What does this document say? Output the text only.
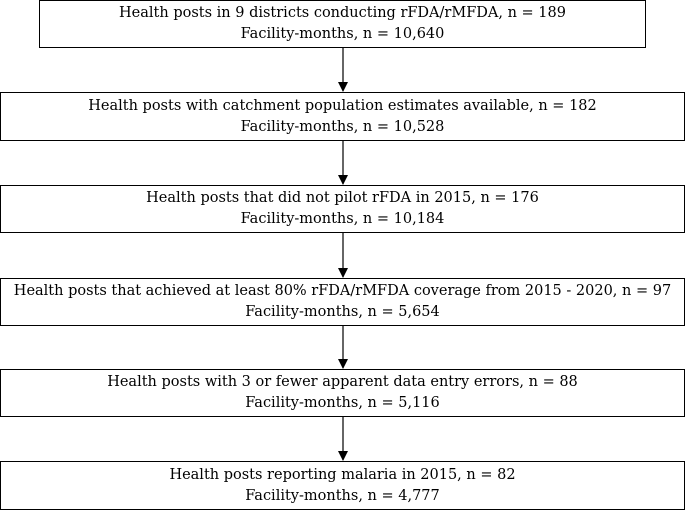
Health posts in 9 districts conducting rFDA/rMFDA, n = 189
Facility-months, n = 10,640
Health posts with catchment population estimates available, n = 182
Facility-months, n = 10,528
Health posts that did not pilot rFDA in 2015, n = 176
Facility-months, n = 10,184
Health posts that achieved at least 80% rFDA/rMFDA coverage from 2015 - 2020, n = 97
Facility-months, n = 5,654
Health posts with 3 or fewer apparent data entry errors, n = 88
Facility-months, n = 5,116
Health posts reporting malaria in 2015, n = 82
Facility-months, n = 4,777
